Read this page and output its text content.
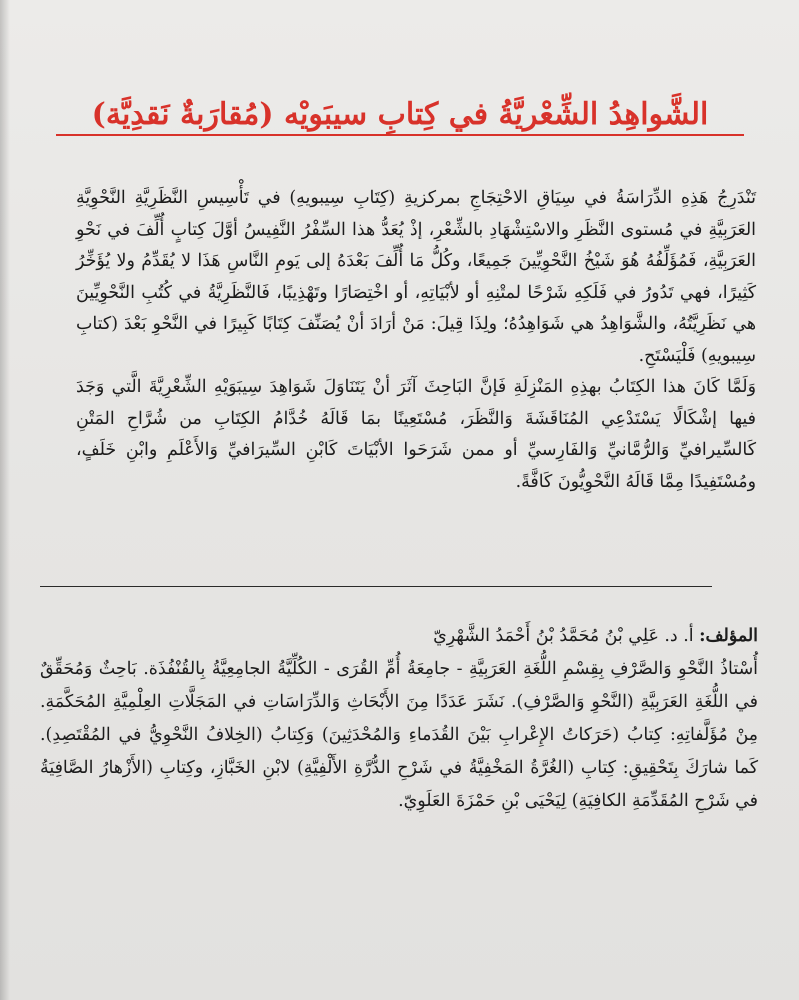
الشَّواهِدُ الشِّعْريَّةُ في كِتابِ سيبَويْه (مُقارَبةٌ نَقدِيَّة)

تَنْدَرِجُ هَذِهِ الدِّرَاسَةُ في سِيَاقِ الاحْتِجَاجِ بمركزيةِ (كِتَابِ سِيبويهِ) في تَأْسِيسِ النَّظَرِيَّةِ النَّحْوِيَّةِ العَرَبِيَّةِ في مُستوى النَّظَرِ والاسْتِشْهَادِ بالشِّعْرِ، إذْ يُعَدُّ هذا السِّفْرُ النَّفِيسُ أوَّلَ كِتابٍ أُلِّفَ في نَحْوِ العَرَبِيَّةِ، فَمُؤَلِّفُهُ هُوَ شَيْخُ النَّحْوِيِّينَ جَمِيعًا، وكُلُّ مَا أُلِّفَ بَعْدَهُ إلى يَومِ النَّاسِ هَذَا لا يُقَدِّمُ ولا يُؤَخِّرُ كَثِيرًا، فهي تَدُورُ في فَلَكِهِ شَرْحًا لمتْنِهِ أو لأبْيَاتِهِ، أو اخْتِصَارًا وتَهْذِيبًا، فَالنَّظَرِيَّةُ في كُتُبِ النَّحْوِيِّينَ هي نَظَرِيَّتُهُ، والشَّوَاهِدُ هي شَوَاهِدُهُ؛ ولِذَا قِيلَ: مَنْ أرَادَ أنْ يُصَنِّفَ كِتَابًا كَبِيرًا في النَّحْوِ بَعْدَ (كتابِ سِيبويهِ) فَلْيَسْتَحِ.

وَلَمَّا كَانَ هذا الكِتَابُ بهذِهِ المَنْزِلَةِ فَإنَّ البَاحِثَ آثَرَ أنْ يَتَنَاوَلَ شَوَاهِدَ سِيبَوَيْهِ الشِّعْرِيَّةَ الَّتي وَجَدَ فيها إشْكَالًا يَسْتَدْعِي المُنَاقَشَةَ وَالنَّظَرَ، مُسْتَعِينًا بمَا قَالَهُ خُدَّامُ الكِتَابِ من شُرَّاحِ المَتْنِ كَالسِّيرافيِّ وَالرُّمَّانيِّ وَالفَارِسيِّ أو ممن شَرَحَوا الأبْيَاتَ كَابْنِ السِّيرَافيِّ وَالأَعْلَمِ وابْنِ خَلَفٍ، ومُسْتَفِيدًا مِمَّا قَالَهُ النَّحْوِيُّونَ كَافَّةً.

المؤلف: أ. د. عَلِي بْنُ مُحَمَّدُ بْنُ أَحْمَدُ الشَّهْرِيّ

أُسْتاذُ النَّحْوِ وَالصَّرْفِ بِقِسْمِ اللُّغَةِ العَرَبِيَّةِ - جامِعَةُ أُمِّ القُرَى - الكُلِّيَّةُ الجامِعِيَّةُ بِالقُنْفُذَة. بَاحِثٌ وَمُحَقِّقٌ في اللُّغَةِ العَرَبِيَّةِ (النَّحْوِ وَالصَّرْفِ). نَشَرَ عَدَدًا مِنَ الأَبْحَاثِ وَالدِّرَاسَاتِ في المَجَلَّاتِ العِلْمِيَّةِ المُحَكَّمَةِ. مِنْ مُؤَلَّفاتِهِ: كِتابُ (حَرَكاتُ الإِعْرابِ بَيْنَ القُدَماءِ وَالمُحْدَثِينَ) وَكِتابُ (الخِلافُ النَّحْوِيُّ في المُقْتَصِدِ). كَما شارَكَ بِتَحْقِيقِ: كِتابِ (الغُرَّةُ المَخْفِيَّةُ في شَرْحِ الدُّرَّةِ الأَلْفِيَّةِ) لابْنِ الخَبَّازِ، وكِتابِ (الأَزْهارُ الصَّافِيَةُ في شَرْحِ المُقَدِّمَةِ الكافِيَةِ) لِيَحْيَى بْنِ حَمْزَةَ العَلَوِيّ.
